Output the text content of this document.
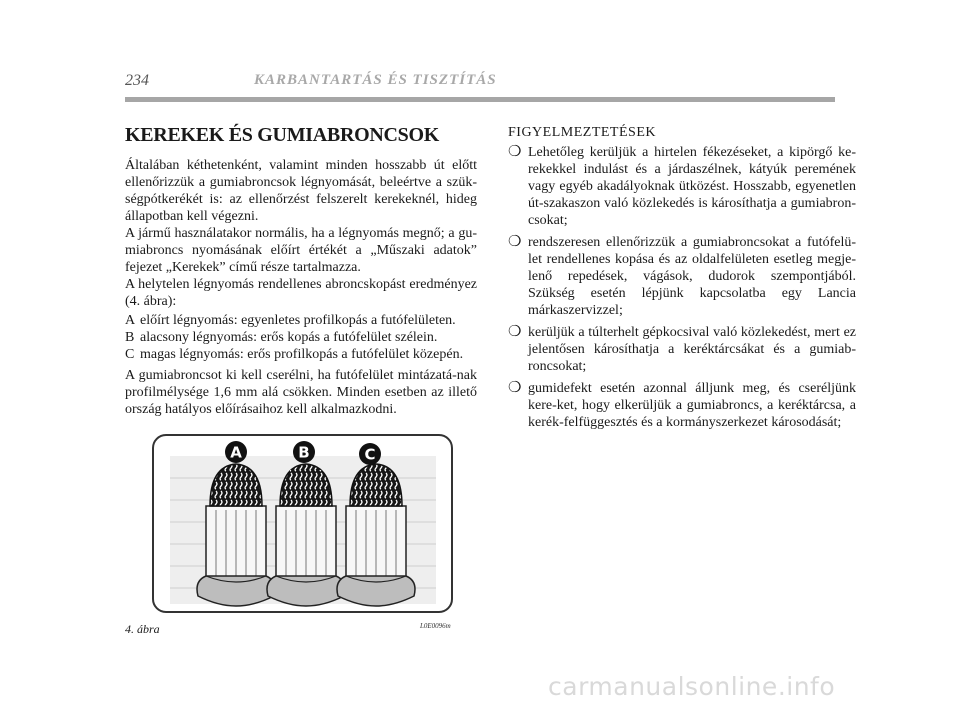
234	KARBANTARTÁS ÉS TISZTÍTÁS
KEREKEK ÉS GUMIABRONCSOK

Általában kéthetenként, valamint minden hosszabb út előtt ellenőrizzük a gumiabroncsok légnyomását, beleértve a szük-ségpótkerékét is: az ellenőrzést felszerelt kerekeknél, hideg állapotban kell végezni.

A jármű használatakor normális, ha a légnyomás megnő; a gu-miabroncs nyomásának előírt értékét a „Műszaki adatok” fejezet „Kerekek” című része tartalmazza.

A helytelen légnyomás rendellenes abroncskopást eredményez (4. ábra):

A előírt légnyomás: egyenletes profilkopás a futófelületen.
B alacsony légnyomás: erős kopás a futófelület szélein.
C magas légnyomás: erős profilkopás a futófelület közepén.

A gumiabroncsot ki kell cserélni, ha futófelület mintázatá-nak profilmélysége 1,6 mm alá csökken. Minden esetben az illető ország hatályos előírásaihoz kell alkalmazkodni.

FIGYELMEZTETÉSEK
❍ Lehetőleg kerüljük a hirtelen fékezéseket, a kipörgő ke-rekekkel indulást és a járdaszélnek, kátyúk peremének vagy egyéb akadályoknak ütközést. Hosszabb, egyenetlen út-szakaszon való közlekedés is károsíthatja a gumiabron-csokat;
❍ rendszeresen ellenőrizzük a gumiabroncsokat a futófelü-let rendellenes kopása és az oldalfelületen esetleg megje-lenő repedések, vágások, dudorok szempontjából. Szükség esetén lépjünk kapcsolatba egy Lancia márkaszervizzel;
❍ kerüljük a túlterhelt gépkocsival való közlekedést, mert ez jelentősen károsíthatja a keréktárcsákat és a gumiab-roncsokat;
❍ gumidefekt esetén azonnal álljunk meg, és cseréljünk kere-ket, hogy elkerüljük a gumiabroncs, a keréktárcsa, a kerék-felfüggesztés és a kormányszerkezet károsodását;
A	B	C
4. ábra	L0E0096m
carmanualsonline.info
